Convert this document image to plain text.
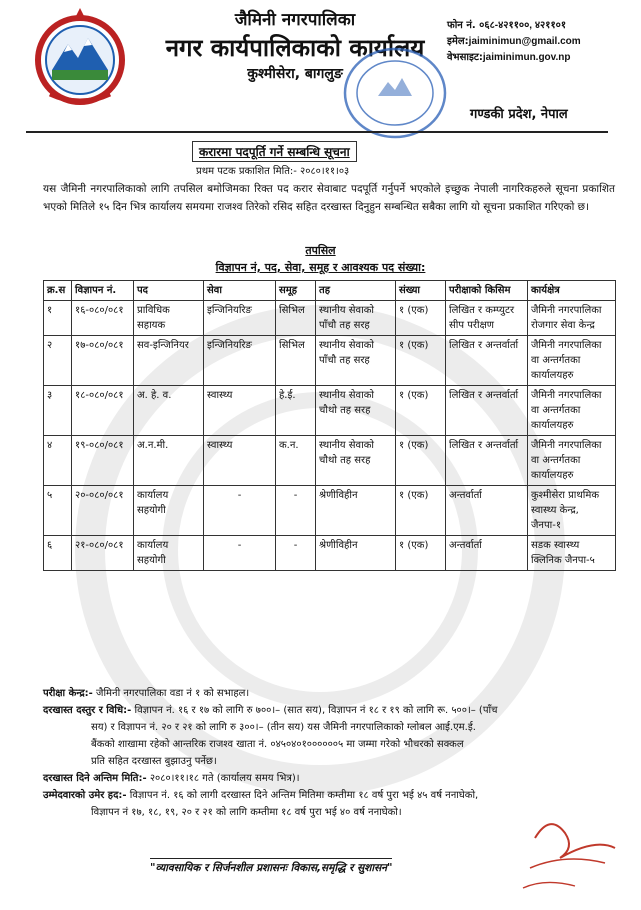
जैमिनी नगरपालिका
नगर कार्यपालिकाको कार्यालय
कुश्मीसेरा, बागलुङ
फोन नं. ०६८-४२११००, ४२११०१
इमेल:jaiminimun@gmail.com
वेभसाइट:jaiminimun.gov.np
गण्डकी प्रदेश, नेपाल
करारमा पदपूर्ति गर्ने सम्बन्धि सूचना
प्रथम पटक प्रकाशित मिति:- २०८०।११।०३
यस जैमिनी नगरपालिकाको लागि तपसिल बमोजिमका रिक्त पद करार सेवाबाट पदपूर्ति गर्नुपर्ने भएकोले इच्छुक नेपाली नागरिकहरुले सूचना प्रकाशित भएको मितिले १५ दिन भित्र कार्यालय समयमा राजश्व तिरेको रसिद सहित दरखास्त दिनुहुन सम्बन्धित सबैका लागि यो सूचना प्रकाशित गरिएको छ।
तपसिल
विज्ञापन नं, पद, सेवा, समूह र आवश्यक पद संख्या:
क्र.स	विज्ञापन नं.	पद	सेवा	समूह	तह	संख्या	परीक्षाको किसिम	कार्यक्षेत्र
१	१६-०८०/०८१	प्राविधिक सहायक	इन्जिनियरिङ	सिभिल	स्थानीय सेवाको पाँचौ तह सरह	१ (एक)	लिखित र कम्प्युटर सीप परीक्षण	जैमिनी नगरपालिका रोजगार सेवा केन्द्र
२	१७-०८०/०८१	सव-इन्जिनियर	इन्जिनियरिङ	सिभिल	स्थानीय सेवाको पाँचौ तह सरह	१ (एक)	लिखित र अन्तर्वार्ता	जैमिनी नगरपालिका वा अन्तर्गतका कार्यालयहरु
३	१८-०८०/०८१	अ. हे. व.	स्वास्थ्य	हे.ई.	स्थानीय सेवाको चौथो तह सरह	१ (एक)	लिखित र अन्तर्वार्ता	जैमिनी नगरपालिका वा अन्तर्गतका कार्यालयहरु
४	१९-०८०/०८१	अ.न.मी.	स्वास्थ्य	क.न.	स्थानीय सेवाको चौथो तह सरह	१ (एक)	लिखित र अन्तर्वार्ता	जैमिनी नगरपालिका वा अन्तर्गतका कार्यालयहरु
५	२०-०८०/०८१	कार्यालय सहयोगी	-	-	श्रेणीविहीन	१ (एक)	अन्तर्वार्ता	कुश्मीसेरा प्राथमिक स्वास्थ्य केन्द्र, जैनपा-१
६	२१-०८०/०८१	कार्यालय सहयोगी	-	-	श्रेणीविहीन	१ (एक)	अन्तर्वार्ता	सडक स्वास्थ्य क्लिनिक जैनपा-५
परीक्षा केन्द्र:- जैमिनी नगरपालिका वडा नं १ को सभाहल।
दरखास्त दस्तुर र विधि:- विज्ञापन नं. १६ र १७ को लागि रु ७००।– (सात सय), विज्ञापन नं १८ र १९ को लागि रू. ५००।– (पाँच
सय) र विज्ञापन नं. २० र २१ को लागि रु ३००।– (तीन सय) यस जैमिनी नगरपालिकाको ग्लोबल आई.एम.ई.
बैंकको शाखामा रहेको आन्तरिक राजश्व खाता नं. ०४५०४०१००००००५ मा जम्मा गरेको भौचरको सक्कल
प्रति सहित दरखास्त बुझाउनु पर्नेछ।
दरखास्त दिने अन्तिम मिति:- २०८०।११।१८ गते (कार्यालय समय भित्र)।
उम्मेदवारको उमेर हद:- विज्ञापन नं. १६ को लागी दरखास्त दिने अन्तिम मितिमा कम्तीमा १८ वर्ष पुरा भई ४५ वर्ष ननाघेको,
विज्ञापन नं १७, १८, १९, २० र २१ को लागि कम्तीमा १८ वर्ष पुरा भई ४० वर्ष ननाघेको।
"व्यावसायिक र सिर्जनशील प्रशासनः विकास,समृद्धि र सुशासन"
